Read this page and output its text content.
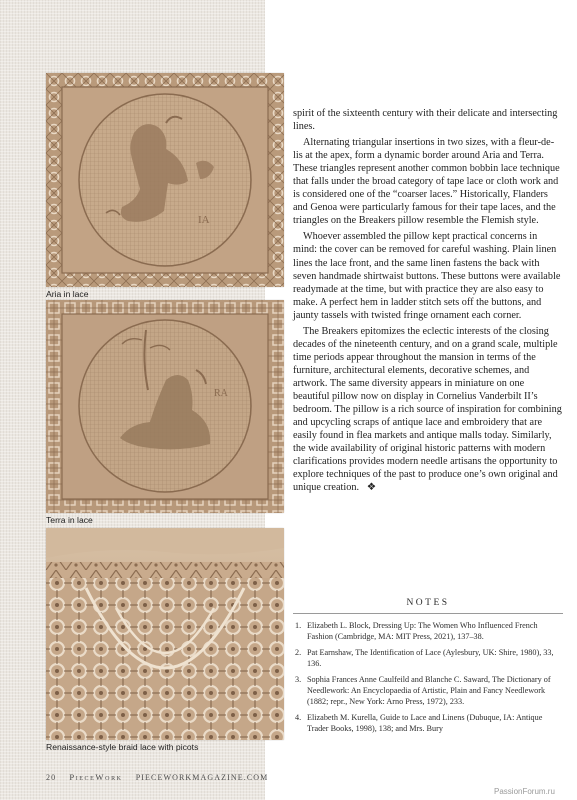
IA
Aria in lace
RA
Terra in lace
Renaissance-style braid lace with picots

spirit of the sixteenth century with their delicate and intersecting lines.

Alternating triangular insertions in two sizes, with a fleur-de-lis at the apex, form a dynamic border around Aria and Terra. These triangles represent another common bobbin lace technique that falls under the broad category of tape lace or cloth work and is considered one of the “coarser laces.” Historically, Flanders and Genoa were particularly famous for their tape laces, and the triangles on the Breakers pillow resemble the Flemish style.

Whoever assembled the pillow kept practical concerns in mind: the cover can be removed for careful washing. Plain linen lines the lace front, and the same linen fastens the back with seven handmade shirtwaist buttons. These buttons were available readymade at the time, but with practice they are also easy to make. A perfect hem in ladder stitch sets off the buttons, and jaunty tassels with twisted fringe ornament each corner.

The Breakers epitomizes the eclectic interests of the closing decades of the nineteenth century, and on a grand scale, multiple time periods appear throughout the mansion in terms of the furniture, architectural elements, decorative schemes, and artwork. The same diversity appears in miniature on one beautiful pillow now on display in Cornelius Vanderbilt II’s bedroom. The pillow is a rich source of inspiration for combining and upcycling scraps of antique lace and embroidery that are easily found in flea markets and antique malls today. Similarly, the wide availability of original historic patterns with modern clarifications provides modern needle artisans the opportunity to explore techniques of the past to produce one’s own original and unique creation. ❖

NOTES
1. Elizabeth L. Block, Dressing Up: The Women Who Influenced French Fashion (Cambridge, MA: MIT Press, 2021), 137–38.
2. Pat Earnshaw, The Identification of Lace (Aylesbury, UK: Shire, 1980), 33, 136.
3. Sophia Frances Anne Caulfeild and Blanche C. Saward, The Dictionary of Needlework: An Encyclopaedia of Artistic, Plain and Fancy Needlework (1882; repr., New York: Arno Press, 1972), 233.
4. Elizabeth M. Kurella, Guide to Lace and Linens (Dubuque, IA: Antique Trader Books, 1998), 138; and Mrs. Bury
20 PieceWork PIECEWORKMAGAZINE.COM
PassionForum.ru
